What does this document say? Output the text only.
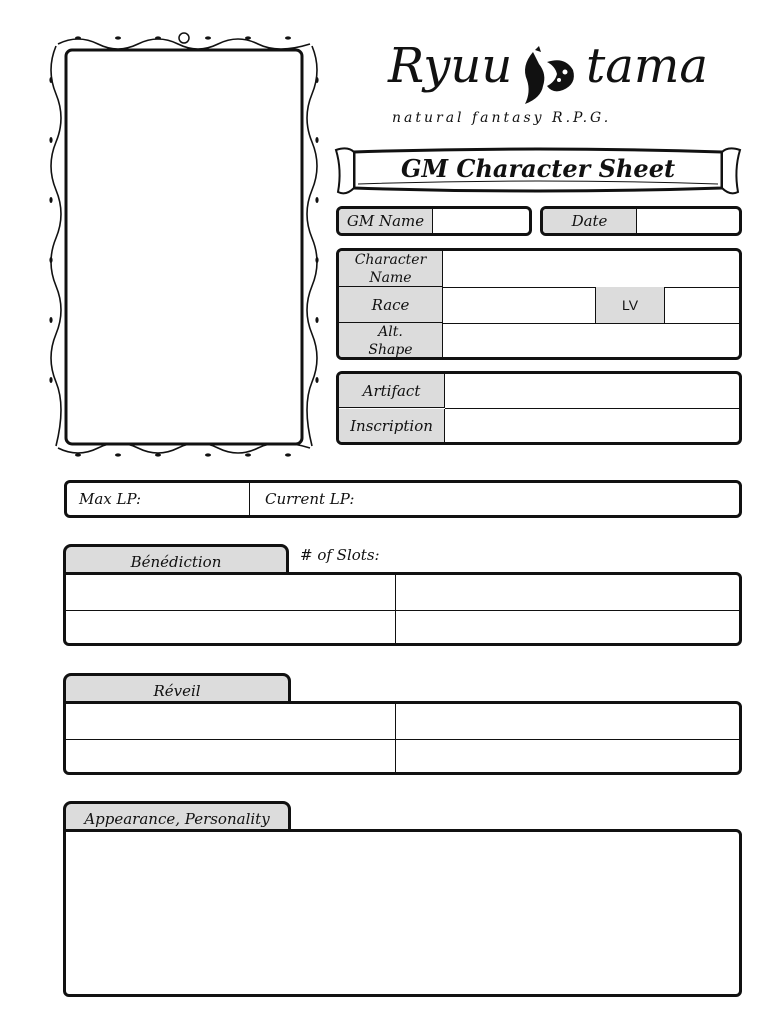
Ryuu tama
natural fantasy R.P.G.
GM Character Sheet
GM Name	Date
Character Name
Race	LV
Alt. Shape
Artifact
Inscription
Max LP:	Current LP:
Bénédiction	# of Slots:
Réveil
Appearance, Personality
